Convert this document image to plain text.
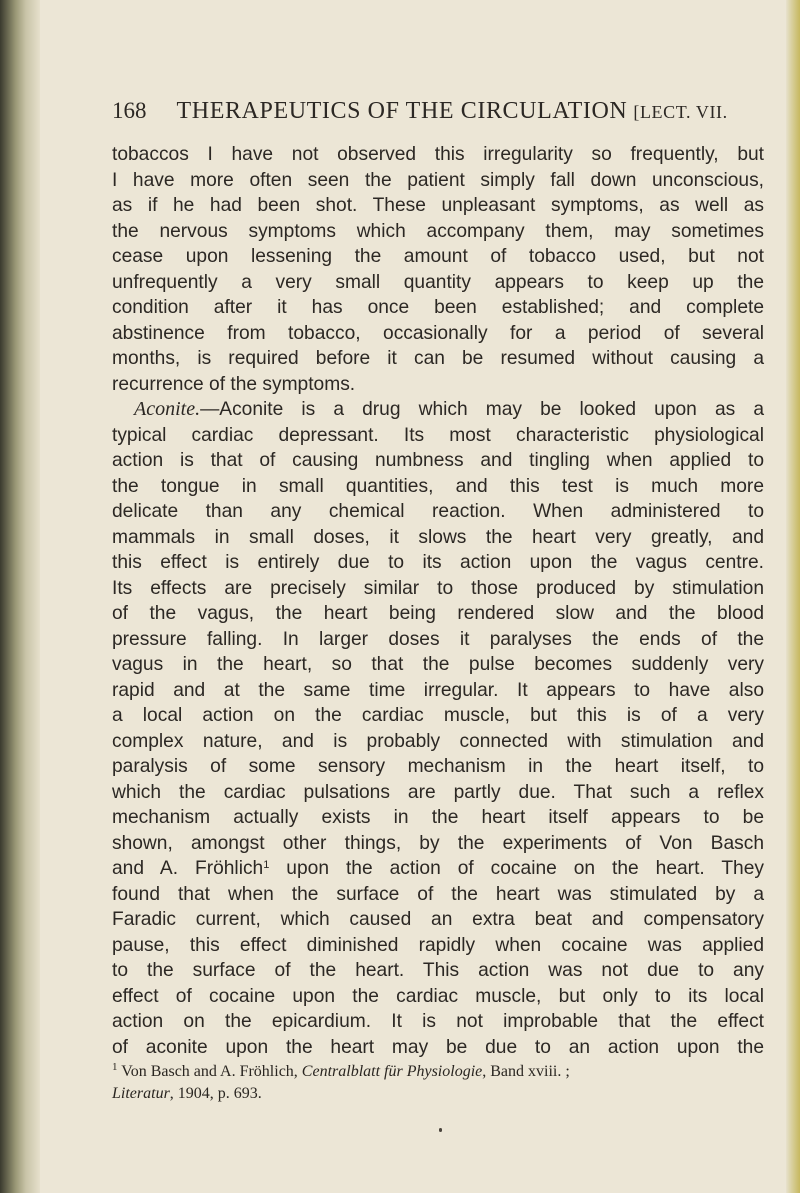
168 THERAPEUTICS OF THE CIRCULATION [LECT. VII.
tobaccos I have not observed this irregularity so frequently, but
I have more often seen the patient simply fall down unconscious,
as if he had been shot. These unpleasant symptoms, as well as
the nervous symptoms which accompany them, may sometimes
cease upon lessening the amount of tobacco used, but not
unfrequently a very small quantity appears to keep up the
condition after it has once been established; and complete
abstinence from tobacco, occasionally for a period of several
months, is required before it can be resumed without causing a
recurrence of the symptoms.
Aconite.—Aconite is a drug which may be looked upon as a
typical cardiac depressant. Its most characteristic physiological
action is that of causing numbness and tingling when applied to
the tongue in small quantities, and this test is much more
delicate than any chemical reaction. When administered to
mammals in small doses, it slows the heart very greatly, and
this effect is entirely due to its action upon the vagus centre.
Its effects are precisely similar to those produced by stimulation
of the vagus, the heart being rendered slow and the blood
pressure falling. In larger doses it paralyses the ends of the
vagus in the heart, so that the pulse becomes suddenly very
rapid and at the same time irregular. It appears to have also
a local action on the cardiac muscle, but this is of a very
complex nature, and is probably connected with stimulation and
paralysis of some sensory mechanism in the heart itself, to
which the cardiac pulsations are partly due. That such a reflex
mechanism actually exists in the heart itself appears to be
shown, amongst other things, by the experiments of Von Basch
and A. Fröhlich$^1$ upon the action of cocaine on the heart. They
found that when the surface of the heart was stimulated by a
Faradic current, which caused an extra beat and compensatory
pause, this effect diminished rapidly when cocaine was applied
to the surface of the heart. This action was not due to any
effect of cocaine upon the cardiac muscle, but only to its local
action on the epicardium. It is not improbable that the effect
of aconite upon the heart may be due to an action upon the
$^1$ Von Basch and A. Fröhlich, Centralblatt für Physiologie, Band xviii. ;
Literatur, 1904, p. 693.
